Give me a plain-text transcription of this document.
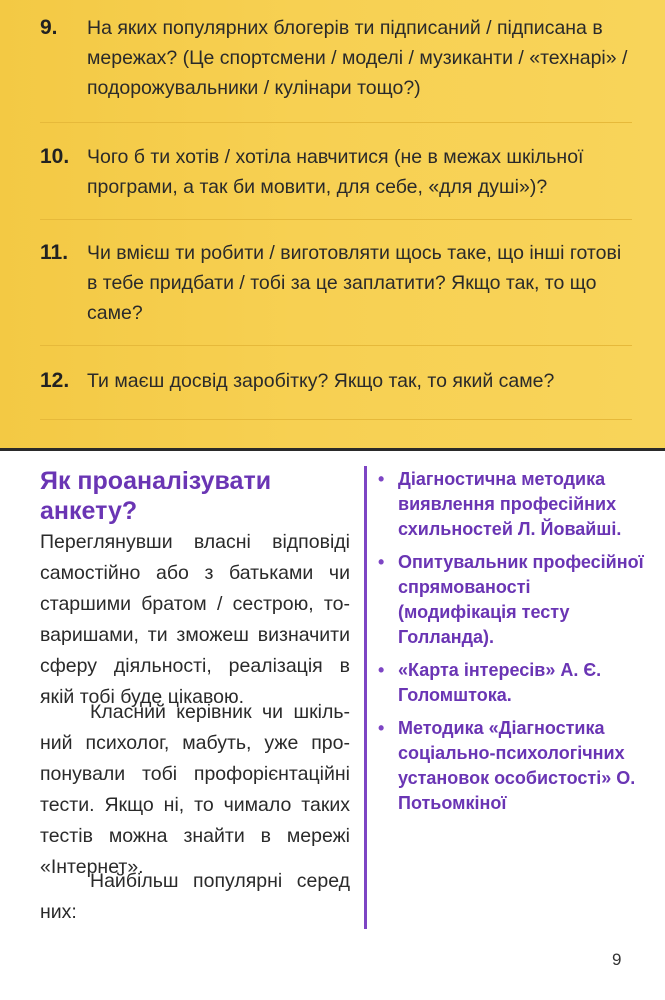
9.	На яких популярних блогерів ти підписаний / підписана в мережах? (Це спортсмени / моделі / музиканти / «технарі» / подорожувальники / кулінари тощо?)
10. Чого б ти хотів / хотіла навчитися (не в межах шкільної програми, а так би мовити, для себе, «для душі»)?
11. Чи вмієш ти робити / виготовляти щось таке, що інші готові в тебе придбати / тобі за це заплатити? Якщо так, то що саме?
12. Ти маєш досвід заробітку? Якщо так, то який саме?
Як проаналізувати анкету?
Переглянувши власні відповіді самостійно або з батьками чи старшими братом / сестрою, товаришами, ти зможеш визначити сферу діяльності, реалізація в якій тобі буде цікавою.
Класний керівник чи шкільний психолог, мабуть, уже пропонували тобі профорієнтаційні тести. Якщо ні, то чимало таких тестів можна знайти в мережі «Інтернет».
Найбільш популярні серед них:
• Діагностична методика виявлення професійних схильностей Л. Йовайші.
• Опитувальник професійної спрямованості (модифікація тесту Голланда).
• «Карта інтересів» А. Є. Голомштока.
• Методика «Діагностика соціально-психологічних установок особистості» О. Потьомкіної
9
